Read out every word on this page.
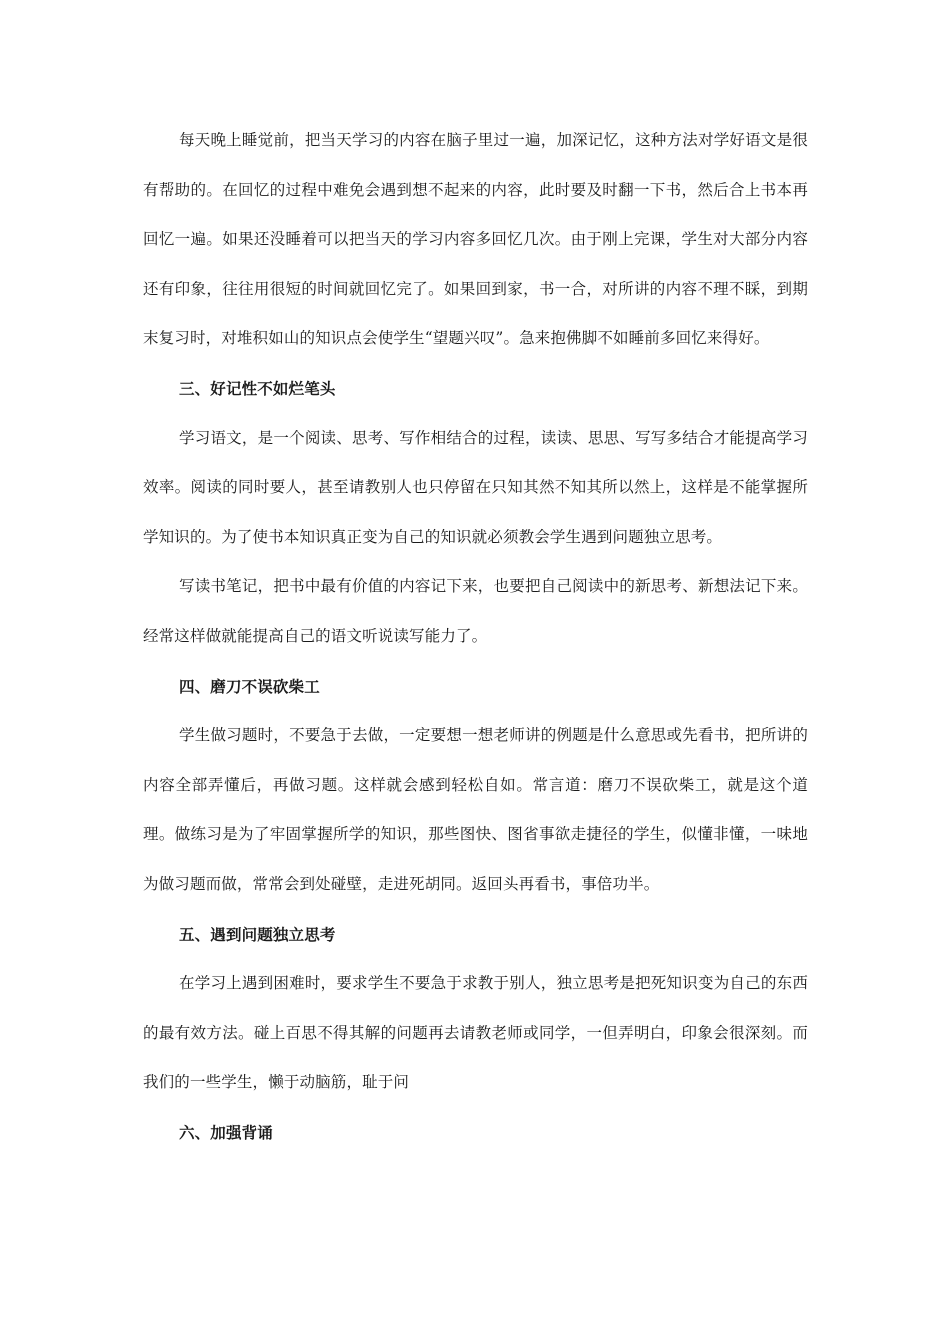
每天晚上睡觉前，把当天学习的内容在脑子里过一遍，加深记忆，这种方法对学好语文是很有帮助的。在回忆的过程中难免会遇到想不起来的内容，此时要及时翻一下书，然后合上书本再回忆一遍。如果还没睡着可以把当天的学习内容多回忆几次。由于刚上完课，学生对大部分内容还有印象，往往用很短的时间就回忆完了。如果回到家，书一合，对所讲的内容不理不睬，到期末复习时，对堆积如山的知识点会使学生“望题兴叹”。急来抱佛脚不如睡前多回忆来得好。

三、好记性不如烂笔头

学习语文，是一个阅读、思考、写作相结合的过程，读读、思思、写写多结合才能提高学习效率。阅读的同时要人，甚至请教别人也只停留在只知其然不知其所以然上，这样是不能掌握所学知识的。为了使书本知识真正变为自己的知识就必须教会学生遇到问题独立思考。

写读书笔记，把书中最有价值的内容记下来，也要把自己阅读中的新思考、新想法记下来。经常这样做就能提高自己的语文听说读写能力了。

四、磨刀不误砍柴工

学生做习题时，不要急于去做，一定要想一想老师讲的例题是什么意思或先看书，把所讲的内容全部弄懂后，再做习题。这样就会感到轻松自如。常言道：磨刀不误砍柴工，就是这个道理。做练习是为了牢固掌握所学的知识，那些图快、图省事欲走捷径的学生，似懂非懂，一味地为做习题而做，常常会到处碰壁，走进死胡同。返回头再看书，事倍功半。

五、遇到问题独立思考

在学习上遇到困难时，要求学生不要急于求教于别人，独立思考是把死知识变为自己的东西的最有效方法。碰上百思不得其解的问题再去请教老师或同学，一但弄明白，印象会很深刻。而我们的一些学生，懒于动脑筋，耻于问

六、加强背诵
